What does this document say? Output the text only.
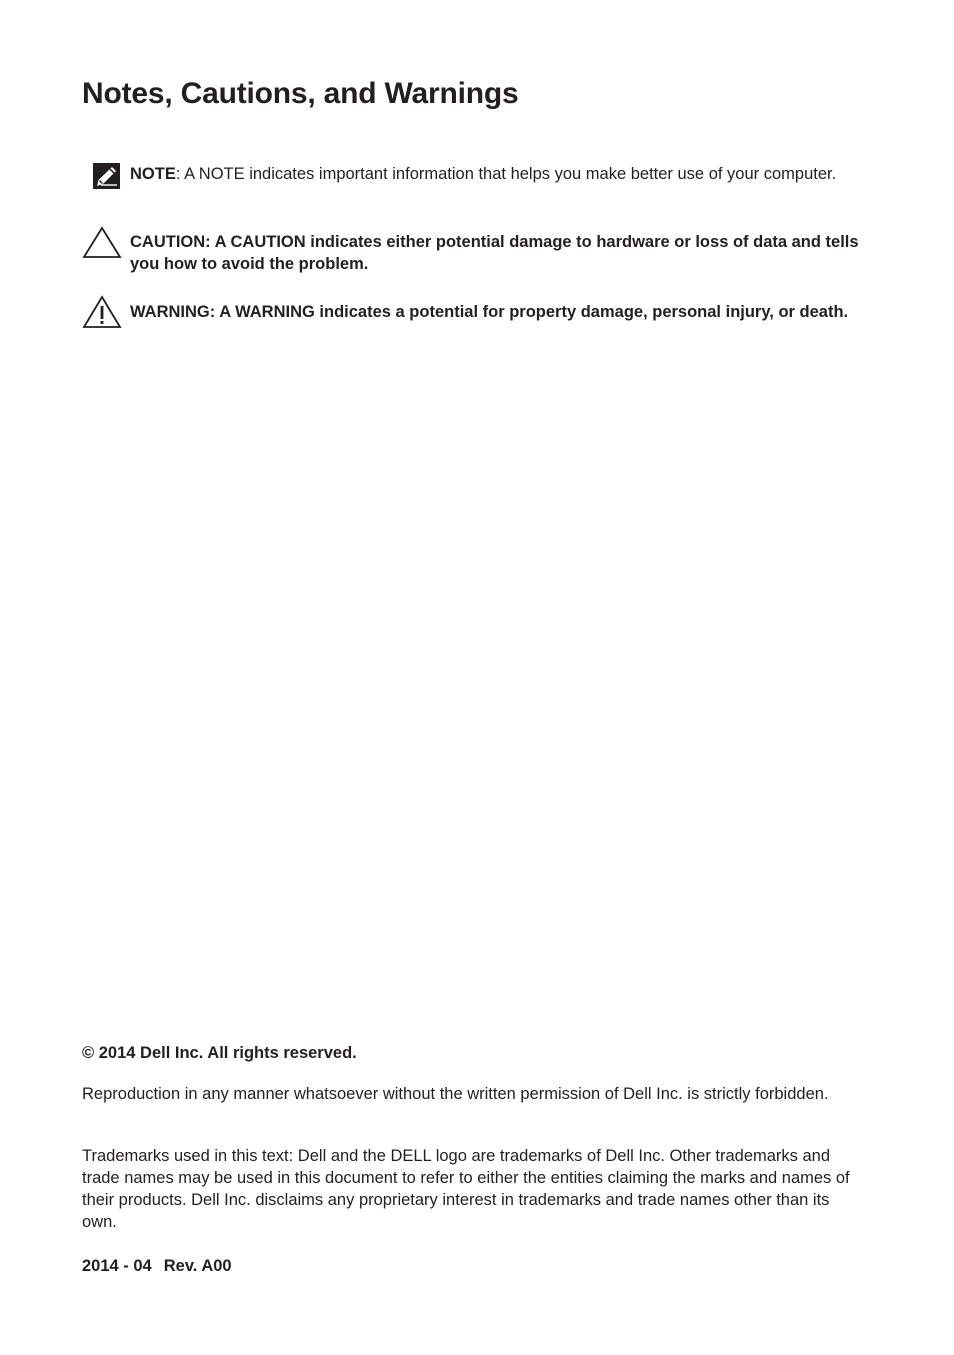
Notes, Cautions, and Warnings
NOTE: A NOTE indicates important information that helps you make better use of your computer.
CAUTION: A CAUTION indicates either potential damage to hardware or loss of data and tells you how to avoid the problem.
WARNING: A WARNING indicates a potential for property damage, personal injury, or death.
© 2014 Dell Inc. All rights reserved.
Reproduction in any manner whatsoever without the written permission of Dell Inc. is strictly forbidden.
Trademarks used in this text: Dell and the DELL logo are trademarks of Dell Inc. Other trademarks and trade names may be used in this document to refer to either the entities claiming the marks and names of their products. Dell Inc. disclaims any proprietary interest in trademarks and trade names other than its own.
2014 - 04 Rev. A00
